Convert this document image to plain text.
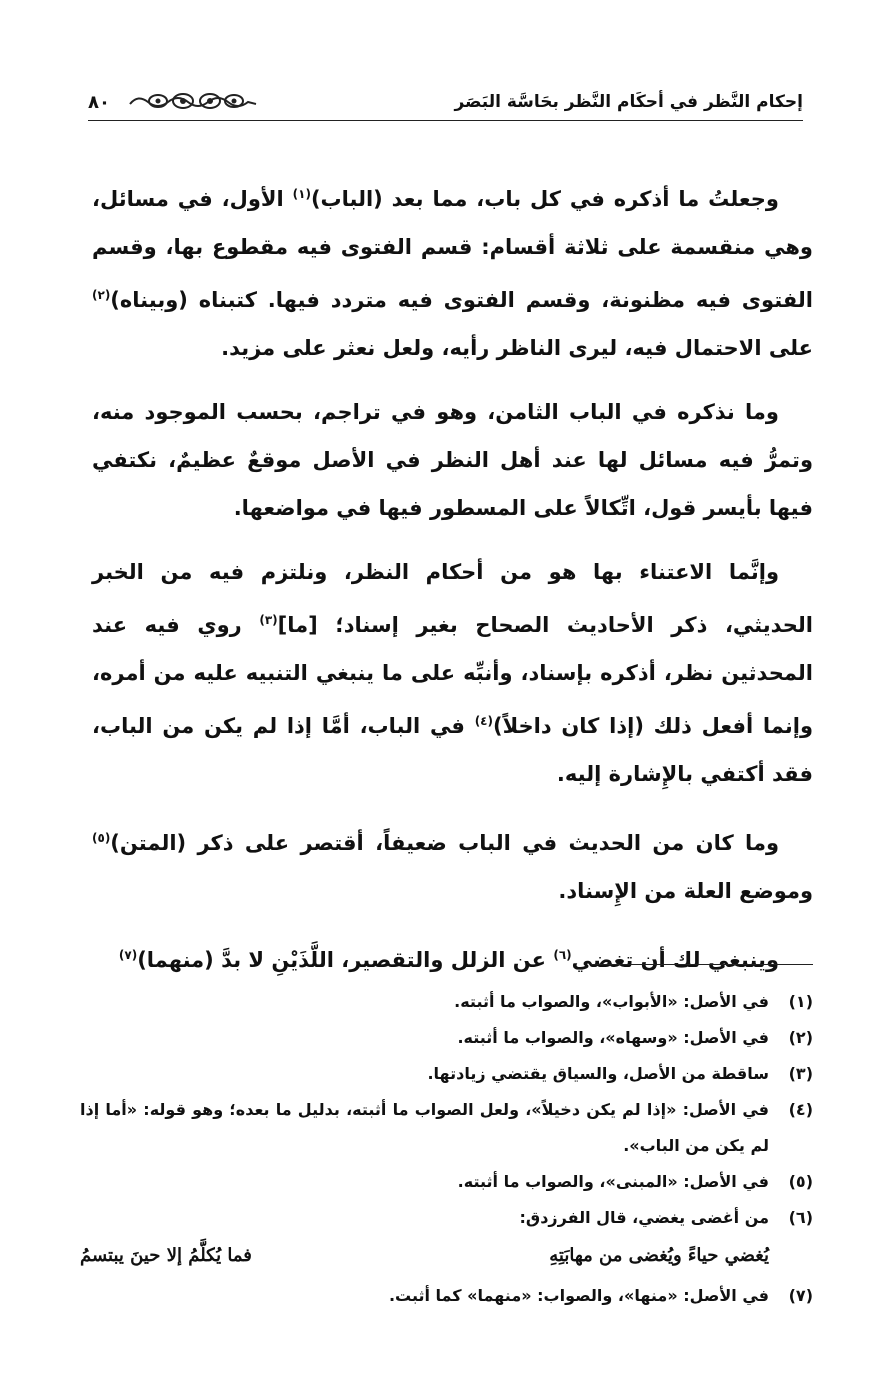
إحكام النَّظر في أحكَام النَّظر بحَاسَّة البَصَر
٨٠

وجعلتُ ما أذكره في كل باب، مما بعد (الباب)$^{(١)}$ الأول، في مسائل، وهي منقسمة على ثلاثة أقسام: قسم الفتوى فيه مقطوع بها، وقسم الفتوى فيه مظنونة، وقسم الفتوى فيه متردد فيها. كتبناه (وبيناه)$^{(٢)}$ على الاحتمال فيه، ليرى الناظر رأيه، ولعل نعثر على مزيد.

وما نذكره في الباب الثامن، وهو في تراجم، بحسب الموجود منه، وتمرُّ فيه مسائل لها عند أهل النظر في الأصل موقعٌ عظيمٌ، نكتفي فيها بأيسر قول، اتِّكالاً على المسطور فيها في مواضعها.

وإنَّما الاعتناء بها هو من أحكام النظر، ونلتزم فيه من الخبر الحديثي، ذكر الأحاديث الصحاح بغير إسناد؛ [ما]$^{(٣)}$ روي فيه عند المحدثين نظر، أذكره بإسناد، وأنبِّه على ما ينبغي التنبيه عليه من أمره، وإنما أفعل ذلك (إذا كان داخلاً)$^{(٤)}$ في الباب، أمَّا إذا لم يكن من الباب، فقد أكتفي بالإِشارة إليه.

وما كان من الحديث في الباب ضعيفاً، أقتصر على ذكر (المتن)$^{(٥)}$ وموضع العلة من الإِسناد.

وينبغي لك أن تغضي$^{(٦)}$ عن الزلل والتقصير، اللَّذَيْنِ لا بدَّ (منهما)$^{(٧)}$

(١)
في الأصل: «الأبواب»، والصواب ما أثبته.
(٢)
في الأصل: «وسهاه»، والصواب ما أثبته.
(٣)
ساقطة من الأصل، والسياق يقتضي زيادتها.
(٤)
في الأصل: «إذا لم يكن دخيلاً»، ولعل الصواب ما أثبته، بدليل ما بعده؛ وهو قوله: «أما إذا لم يكن من الباب».
(٥)
في الأصل: «المبنى»، والصواب ما أثبته.
(٦)
من أغضى يغضي، قال الفرزدق:
يُغضي حياءً ويُغضى من مهابَتِهِ
فما يُكلَّمُ إلا حينَ يبتسمُ
(٧)
في الأصل: «منها»، والصواب: «منهما» كما أثبت.
